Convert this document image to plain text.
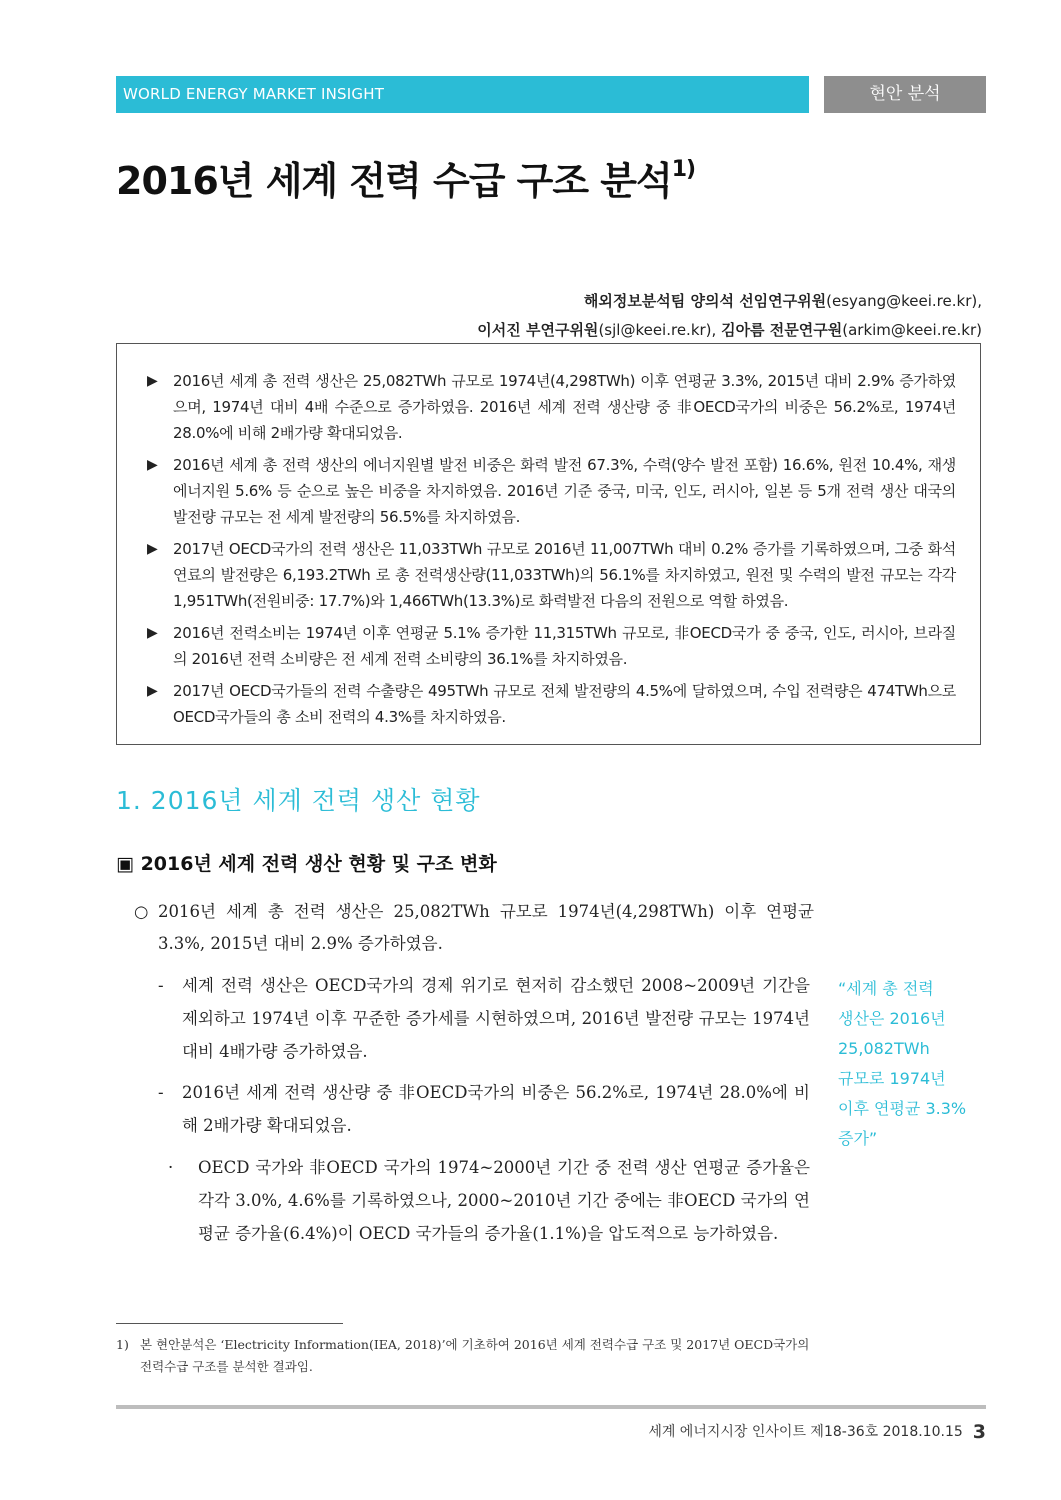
WORLD ENERGY MARKET INSIGHT	현안 분석
2016년 세계 전력 수급 구조 분석$^{1)}$
해외정보분석팀 양의석 선임연구위원(esyang@keei.re.kr),
이서진 부연구위원(sjl@keei.re.kr), 김아름 전문연구원(arkim@keei.re.kr)
▶ 2016년 세계 총 전력 생산은 25,082TWh 규모로 1974년(4,298TWh) 이후 연평균 3.3%, 2015년 대비 2.9% 증가하였으며, 1974년 대비 4배 수준으로 증가하였음. 2016년 세계 전력 생산량 중 非OECD국가의 비중은 56.2%로, 1974년 28.0%에 비해 2배가량 확대되었음.
▶ 2016년 세계 총 전력 생산의 에너지원별 발전 비중은 화력 발전 67.3%, 수력(양수 발전 포함) 16.6%, 원전 10.4%, 재생에너지원 5.6% 등 순으로 높은 비중을 차지하였음. 2016년 기준 중국, 미국, 인도, 러시아, 일본 등 5개 전력 생산 대국의 발전량 규모는 전 세계 발전량의 56.5%를 차지하였음.
▶ 2017년 OECD국가의 전력 생산은 11,033TWh 규모로 2016년 11,007TWh 대비 0.2% 증가를 기록하였으며, 그중 화석연료의 발전량은 6,193.2TWh 로 총 전력생산량(11,033TWh)의 56.1%를 차지하였고, 원전 및 수력의 발전 규모는 각각 1,951TWh(전원비중: 17.7%)와 1,466TWh(13.3%)로 화력발전 다음의 전원으로 역할 하였음.
▶ 2016년 전력소비는 1974년 이후 연평균 5.1% 증가한 11,315TWh 규모로, 非OECD국가 중 중국, 인도, 러시아, 브라질의 2016년 전력 소비량은 전 세계 전력 소비량의 36.1%를 차지하였음.
▶ 2017년 OECD국가들의 전력 수출량은 495TWh 규모로 전체 발전량의 4.5%에 달하였으며, 수입 전력량은 474TWh으로 OECD국가들의 총 소비 전력의 4.3%를 차지하였음.
1. 2016년 세계 전력 생산 현황
▣ 2016년 세계 전력 생산 현황 및 구조 변화
○ 2016년 세계 총 전력 생산은 25,082TWh 규모로 1974년(4,298TWh) 이후 연평균 3.3%, 2015년 대비 2.9% 증가하였음.
-	세계 전력 생산은 OECD국가의 경제 위기로 현저히 감소했던 2008~2009년 기간을 제외하고 1974년 이후 꾸준한 증가세를 시현하였으며, 2016년 발전량 규모는 1974년 대비 4배가량 증가하였음.
-	2016년 세계 전력 생산량 중 非OECD국가의 비중은 56.2%로, 1974년 28.0%에 비해 2배가량 확대되었음.
·	OECD 국가와 非OECD 국가의 1974~2000년 기간 중 전력 생산 연평균 증가율은 각각 3.0%, 4.6%를 기록하였으나, 2000~2010년 기간 중에는 非OECD 국가의 연평균 증가율(6.4%)이 OECD 국가들의 증가율(1.1%)을 압도적으로 능가하였음.
“세계 총 전력
생산은 2016년
25,082TWh
규모로 1974년
이후 연평균 3.3%
증가”
1) 본 현안분석은 ‘Electricity Information(IEA, 2018)’에 기초하여 2016년 세계 전력수급 구조 및 2017년 OECD국가의 전력수급 구조를 분석한 결과임.
세계 에너지시장 인사이트 제18-36호 2018.10.15 3
